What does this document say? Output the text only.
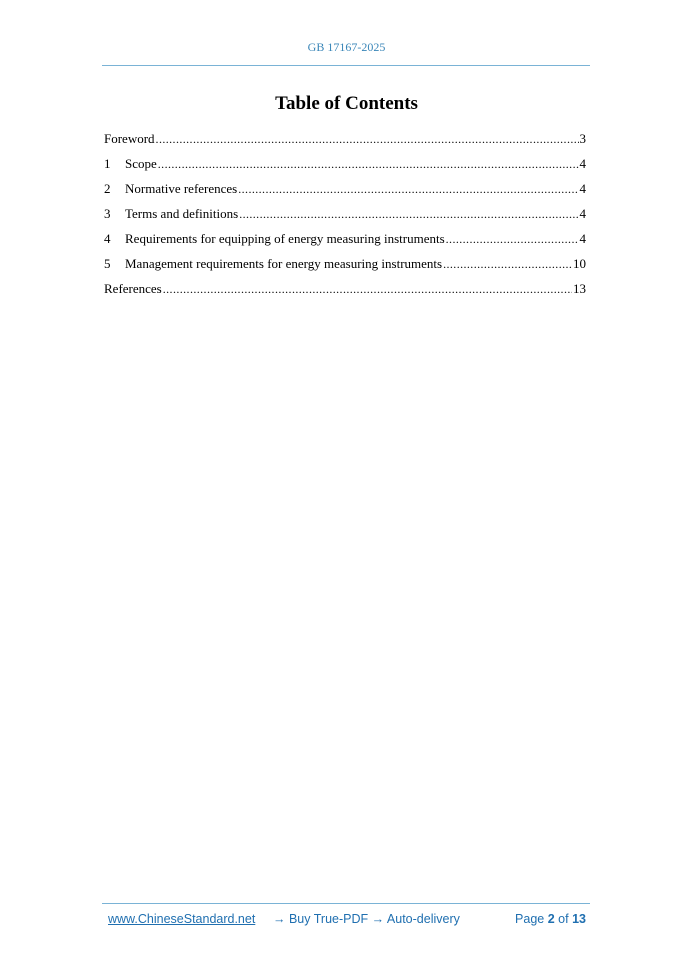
GB 17167-2025
Table of Contents
Foreword .....	3
1	Scope .....	4
2	Normative references .....	4
3	Terms and definitions .....	4
4	Requirements for equipping of energy measuring instruments .....	4
5	Management requirements for energy measuring instruments .....	10
References .....	13
www.ChineseStandard.net → Buy True-PDF → Auto-delivery	Page 2 of 13
